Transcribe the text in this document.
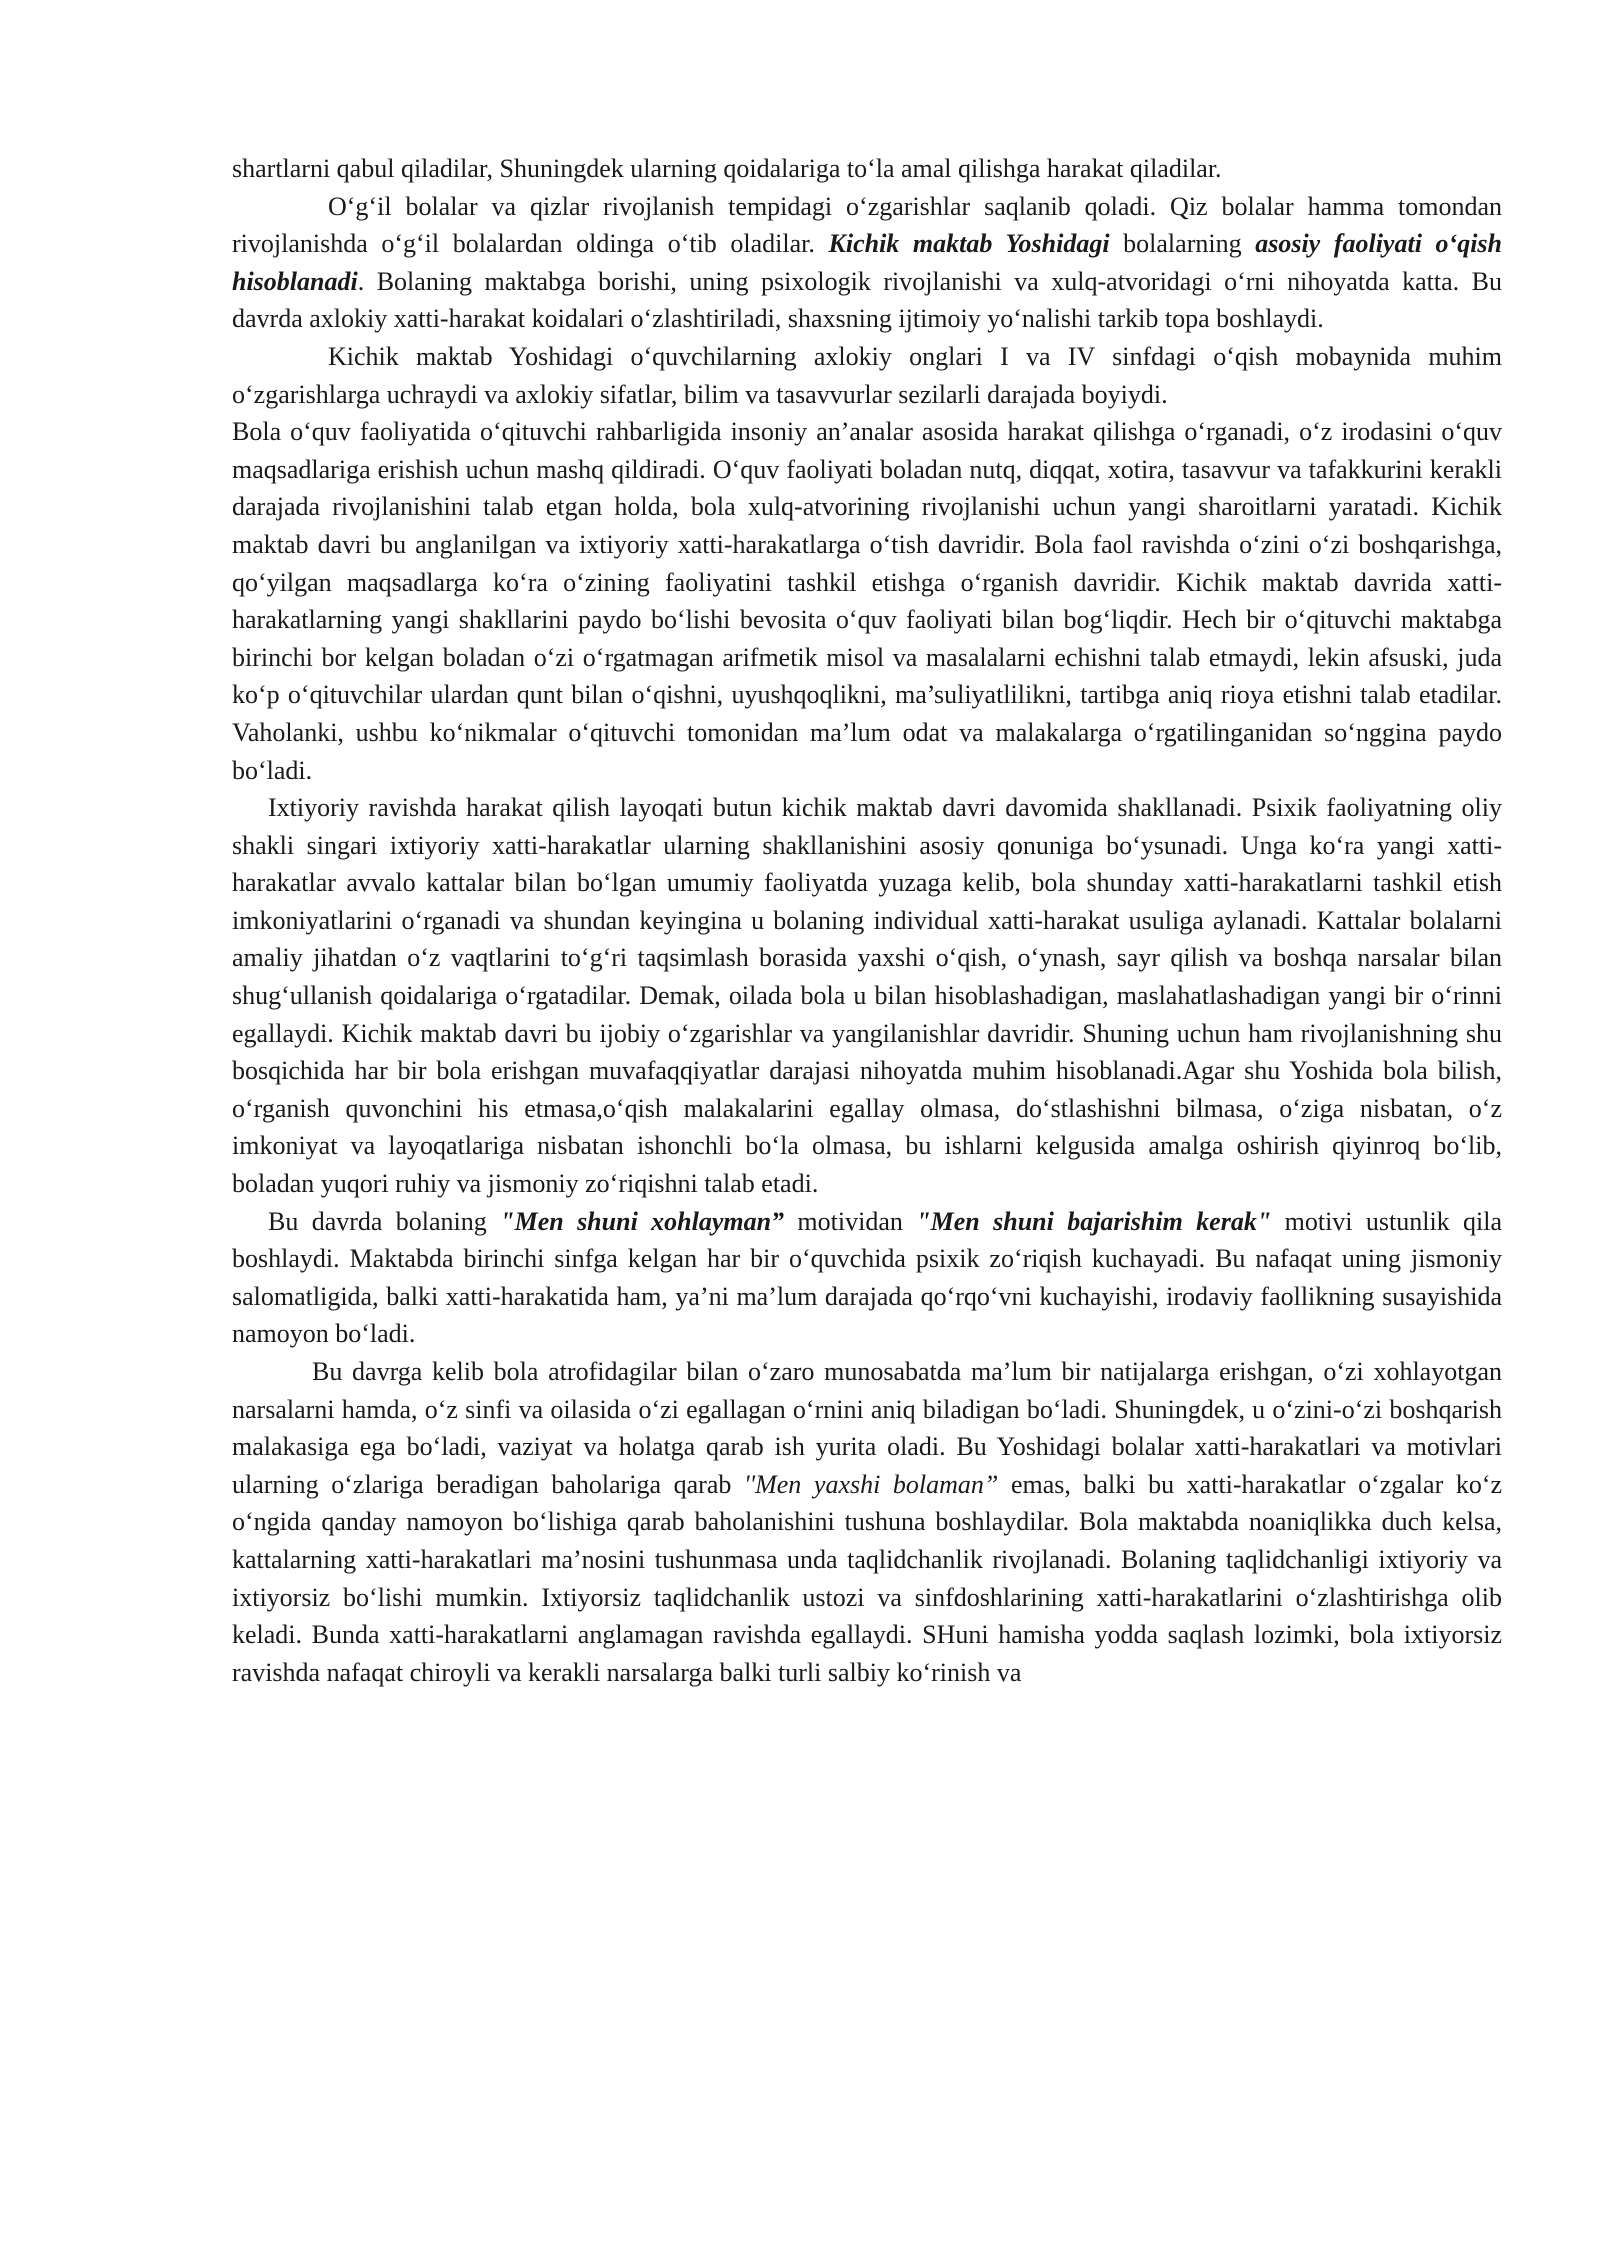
shartlarni qabul qiladilar, Shuningdek ularning qoidalariga to‘la amal qilishga harakat qiladilar.

O‘g‘il bolalar va qizlar rivojlanish tempidagi o‘zgarishlar saqlanib qoladi. Qiz bolalar hamma tomondan rivojlanishda o‘g‘il bolalardan oldinga o‘tib oladilar. Kichik maktab Yoshidagi bolalarning asosiy faoliyati o‘qish hisoblanadi. Bolaning maktabga borishi, uning psixologik rivojlanishi va xulq-atvoridagi o‘rni nihoyatda katta. Bu davrda axlokiy xatti-harakat koidalari o‘zlashtiriladi, shaxsning ijtimoiy yo‘nalishi tarkib topa boshlaydi.

Kichik maktab Yoshidagi o‘quvchilarning axlokiy onglari I va IV sinfdagi o‘qish mobaynida muhim o‘zgarishlarga uchraydi va axlokiy sifatlar, bilim va tasavvurlar sezilarli darajada boyiydi.

Bola o‘quv faoliyatida o‘qituvchi rahbarligida insoniy an’analar asosida harakat qilishga o‘rganadi, o‘z irodasini o‘quv maqsadlariga erishish uchun mashq qildiradi. O‘quv faoliyati boladan nutq, diqqat, xotira, tasavvur va tafakkurini kerakli darajada rivojlanishini talab etgan holda, bola xulq-atvorining rivojlanishi uchun yangi sharoitlarni yaratadi. Kichik maktab davri bu anglanilgan va ixtiyoriy xatti-harakatlarga o‘tish davridir. Bola faol ravishda o‘zini o‘zi boshqarishga, qo‘yilgan maqsadlarga ko‘ra o‘zining faoliyatini tashkil etishga o‘rganish davridir. Kichik maktab davrida xatti-harakatlarning yangi shakllarini paydo bo‘lishi bevosita o‘quv faoliyati bilan bog‘liqdir. Hech bir o‘qituvchi maktabga birinchi bor kelgan boladan o‘zi o‘rgatmagan arifmetik misol va masalalarni echishni talab etmaydi, lekin afsuski, juda ko‘p o‘qituvchilar ulardan qunt bilan o‘qishni, uyushqoqlikni, ma’suliyatlilikni, tartibga aniq rioya etishni talab etadilar. Vaholanki, ushbu ko‘nikmalar o‘qituvchi tomonidan ma’lum odat va malakalarga o‘rgatilinganidan so‘nggina paydo bo‘ladi.

Ixtiyoriy ravishda harakat qilish layoqati butun kichik maktab davri davomida shakllanadi. Psixik faoliyatning oliy shakli singari ixtiyoriy xatti-harakatlar ularning shakllanishini asosiy qonuniga bo‘ysunadi. Unga ko‘ra yangi xatti-harakatlar avvalo kattalar bilan bo‘lgan umumiy faoliyatda yuzaga kelib, bola shunday xatti-harakatlarni tashkil etish imkoniyatlarini o‘rganadi va shundan keyingina u bolaning individual xatti-harakat usuliga aylanadi. Kattalar bolalarni amaliy jihatdan o‘z vaqtlarini to‘g‘ri taqsimlash borasida yaxshi o‘qish, o‘ynash, sayr qilish va boshqa narsalar bilan shug‘ullanish qoidalariga o‘rgatadilar. Demak, oilada bola u bilan hisoblashadigan, maslahatlashadigan yangi bir o‘rinni egallaydi. Kichik maktab davri bu ijobiy o‘zgarishlar va yangilanishlar davridir. Shuning uchun ham rivojlanishning shu bosqichida har bir bola erishgan muvafaqqiyatlar darajasi nihoyatda muhim hisoblanadi.Agar shu Yoshida bola bilish, o‘rganish quvonchini his etmasa,o‘qish malakalarini egallay olmasa, do‘stlashishni bilmasa, o‘ziga nisbatan, o‘z imkoniyat va layoqatlariga nisbatan ishonchli bo‘la olmasa, bu ishlarni kelgusida amalga oshirish qiyinroq bo‘lib, boladan yuqori ruhiy va jismoniy zo‘riqishni talab etadi.

Bu davrda bolaning "Men shuni xohlayman” motividan "Men shuni bajarishim kerak" motivi ustunlik qila boshlaydi. Maktabda birinchi sinfga kelgan har bir o‘quvchida psixik zo‘riqish kuchayadi. Bu nafaqat uning jismoniy salomatligida, balki xatti-harakatida ham, ya’ni ma’lum darajada qo‘rqo‘vni kuchayishi, irodaviy faollikning susayishida namoyon bo‘ladi.

Bu davrga kelib bola atrofidagilar bilan o‘zaro munosabatda ma’lum bir natijalarga erishgan, o‘zi xohlayotgan narsalarni hamda, o‘z sinfi va oilasida o‘zi egallagan o‘rnini aniq biladigan bo‘ladi. Shuningdek, u o‘zini-o‘zi boshqarish malakasiga ega bo‘ladi, vaziyat va holatga qarab ish yurita oladi. Bu Yoshidagi bolalar xatti-harakatlari va motivlari ularning o‘zlariga beradigan baholariga qarab ''Men yaxshi bolaman” emas, balki bu xatti-harakatlar o‘zgalar ko‘z o‘ngida qanday namoyon bo‘lishiga qarab baholanishini tushuna boshlaydilar. Bola maktabda noaniqlikka duch kelsa, kattalarning xatti-harakatlari ma’nosini tushunmasa unda taqlidchanlik rivojlanadi. Bolaning taqlidchanligi ixtiyoriy va ixtiyorsiz bo‘lishi mumkin. Ixtiyorsiz taqlidchanlik ustozi va sinfdoshlarining xatti-harakatlarini o‘zlashtirishga olib keladi. Bunda xatti-harakatlarni anglamagan ravishda egallaydi. SHuni hamisha yodda saqlash lozimki, bola ixtiyorsiz ravishda nafaqat chiroyli va kerakli narsalarga balki turli salbiy ko‘rinish va
